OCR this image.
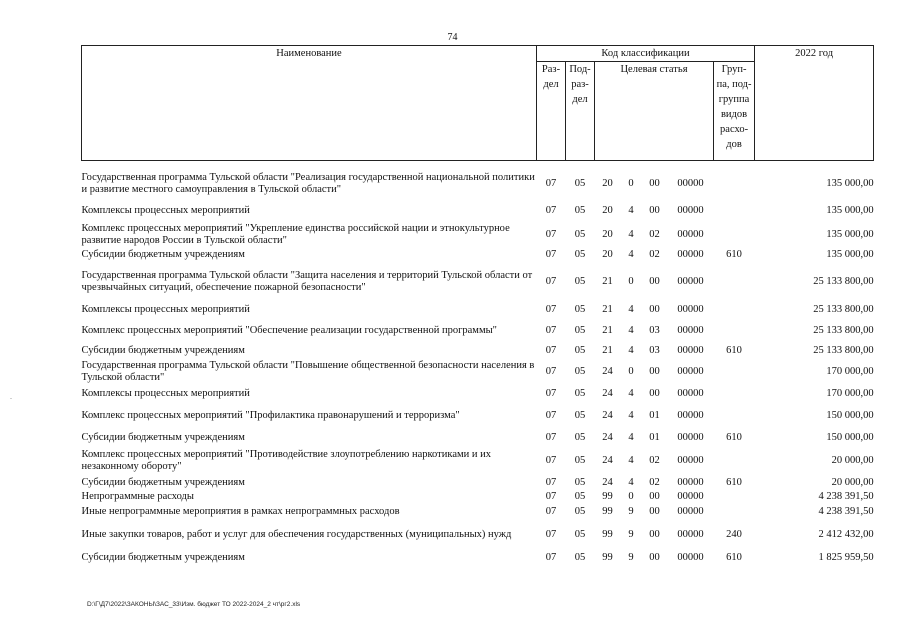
74
Наименование	Код классификации							2022 год
	Раз- дел	Под- раз- дел	Целевая статья				Груп- па, под- группа видов расхо- дов	

Государственная программа Тульской области "Реализация государственной национальной политики и развитие местного самоуправления в Тульской области"	07	05	20	0	00	00000		135 000,00
Комплексы процессных мероприятий	07	05	20	4	00	00000		135 000,00
Комплекс процессных мероприятий "Укрепление единства российской нации и этнокультурное развитие народов России в Тульской области"	07	05	20	4	02	00000		135 000,00
Субсидии бюджетным учреждениям	07	05	20	4	02	00000	610	135 000,00
Государственная программа Тульской области "Защита населения и территорий Тульской области от чрезвычайных ситуаций, обеспечение пожарной безопасности"	07	05	21	0	00	00000		25 133 800,00
Комплексы процессных мероприятий	07	05	21	4	00	00000		25 133 800,00
Комплекс процессных мероприятий "Обеспечение реализации государственной программы"	07	05	21	4	03	00000		25 133 800,00
Субсидии бюджетным учреждениям	07	05	21	4	03	00000	610	25 133 800,00
Государственная программа Тульской области "Повышение общественной безопасности населения в Тульской области"	07	05	24	0	00	00000		170 000,00
Комплексы процессных мероприятий	07	05	24	4	00	00000		170 000,00
Комплекс процессных мероприятий "Профилактика правонарушений и терроризма"	07	05	24	4	01	00000		150 000,00
Субсидии бюджетным учреждениям	07	05	24	4	01	00000	610	150 000,00
Комплекс процессных мероприятий "Противодействие злоупотреблению наркотиками и их незаконному обороту"	07	05	24	4	02	00000		20 000,00
Субсидии бюджетным учреждениям	07	05	24	4	02	00000	610	20 000,00
Непрограммные расходы	07	05	99	0	00	00000		4 238 391,50
Иные непрограммные мероприятия в рамках непрограммных расходов	07	05	99	9	00	00000		4 238 391,50
Иные закупки товаров, работ и услуг для обеспечения государственных (муниципальных) нужд	07	05	99	9	00	00000	240	2 412 432,00
Субсидии бюджетным учреждениям	07	05	99	9	00	00000	610	1 825 959,50
D:\Г\Д7\2022\ЗАКОНЫ\ЗАС_33\Изм. бюджет ТО 2022-2024_2 чт\рг2.xls
.
